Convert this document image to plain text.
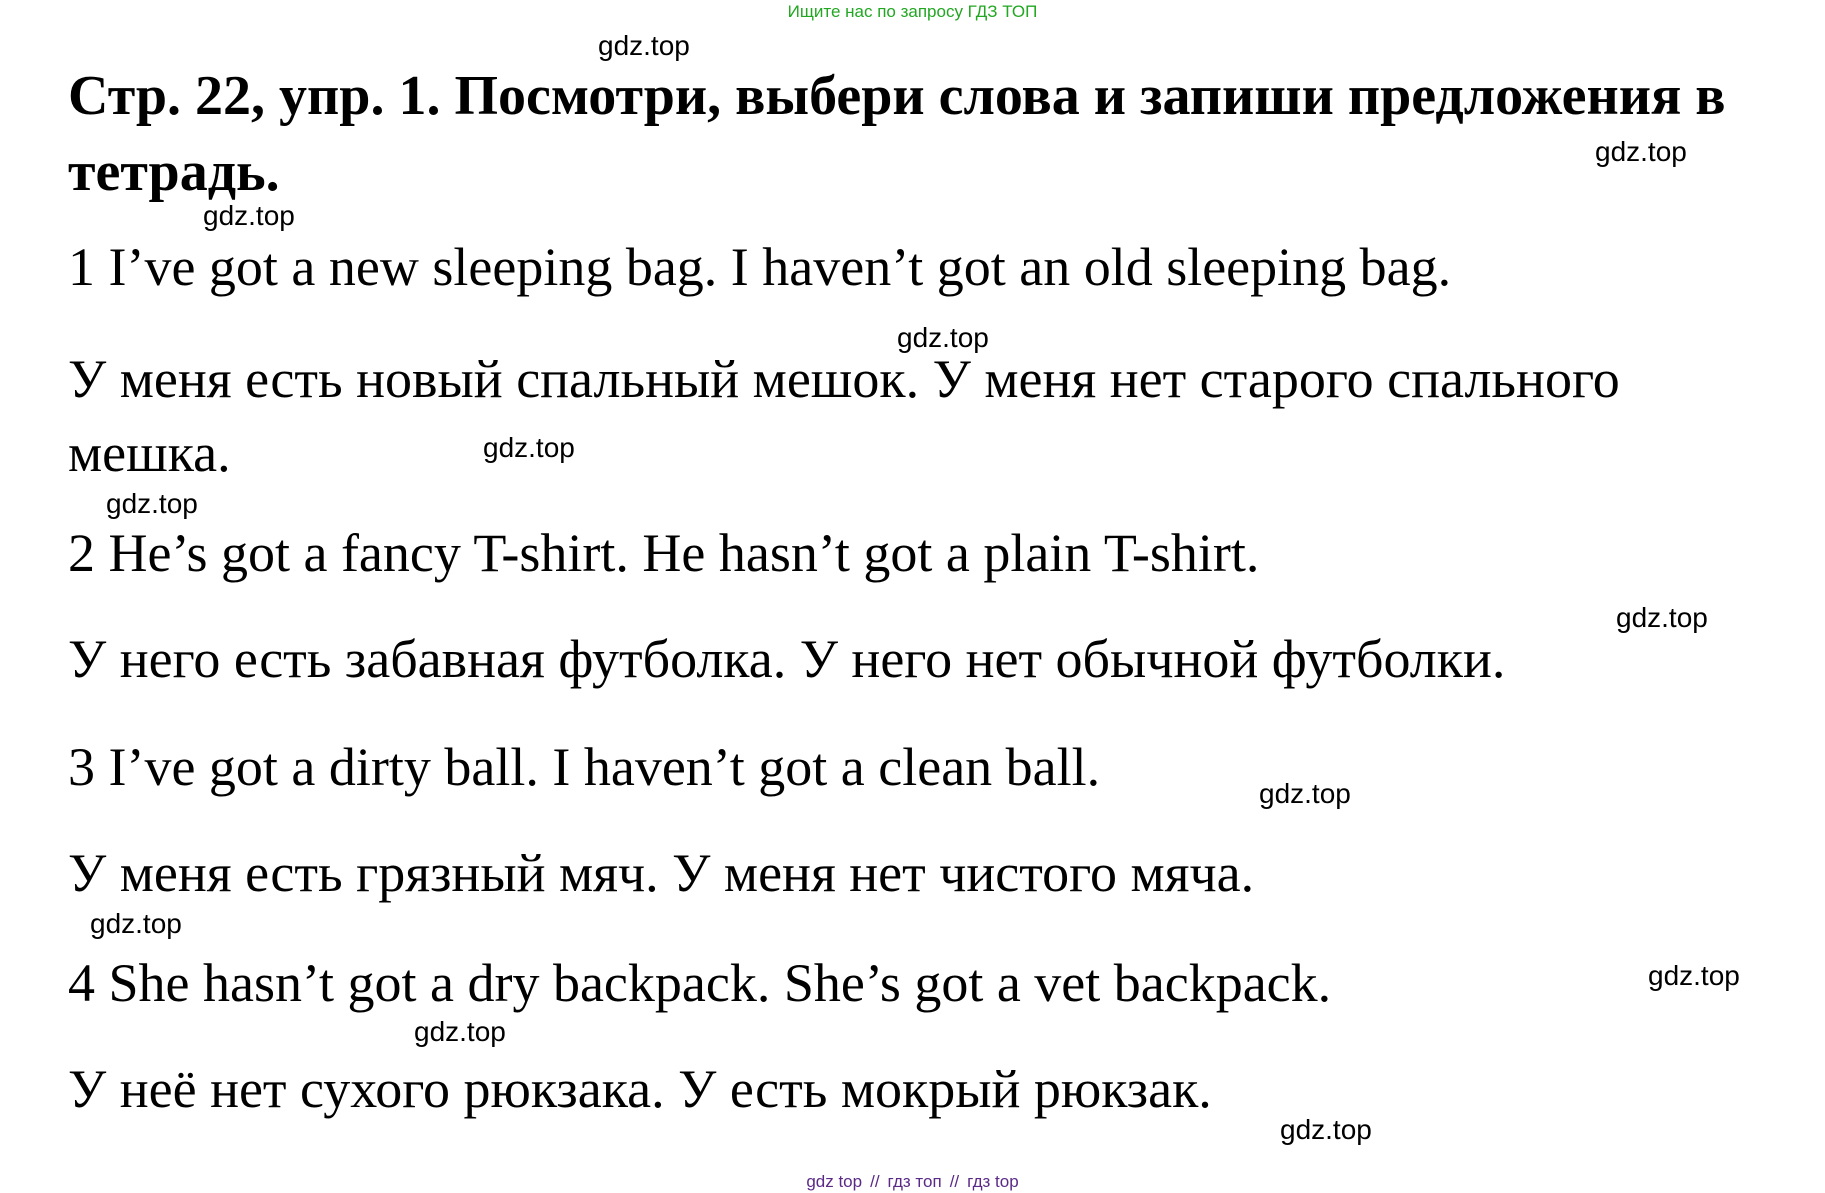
Ищите нас по запросу ГДЗ ТОП
Стр. 22, упр. 1. Посмотри, выбери слова и запиши предложения в тетрадь.
1 I’ve got a new sleeping bag. I haven’t got an old sleeping bag.
У меня есть новый спальный мешок. У меня нет старого спального мешка.
2 He’s got a fancy T-shirt. He hasn’t got a plain T-shirt.
У него есть забавная футболка. У него нет обычной футболки.
3 I’ve got a dirty ball. I haven’t got a clean ball.
У меня есть грязный мяч. У меня нет чистого мяча.
4 She hasn’t got a dry backpack. She’s got a vet backpack.
У неё нет сухого рюкзака. У есть мокрый рюкзак.
gdz.top
gdz.top
gdz.top
gdz.top
gdz.top
gdz.top
gdz.top
gdz.top
gdz.top
gdz.top
gdz.top
gdz.top
gdz top // гдз топ // гдз top
